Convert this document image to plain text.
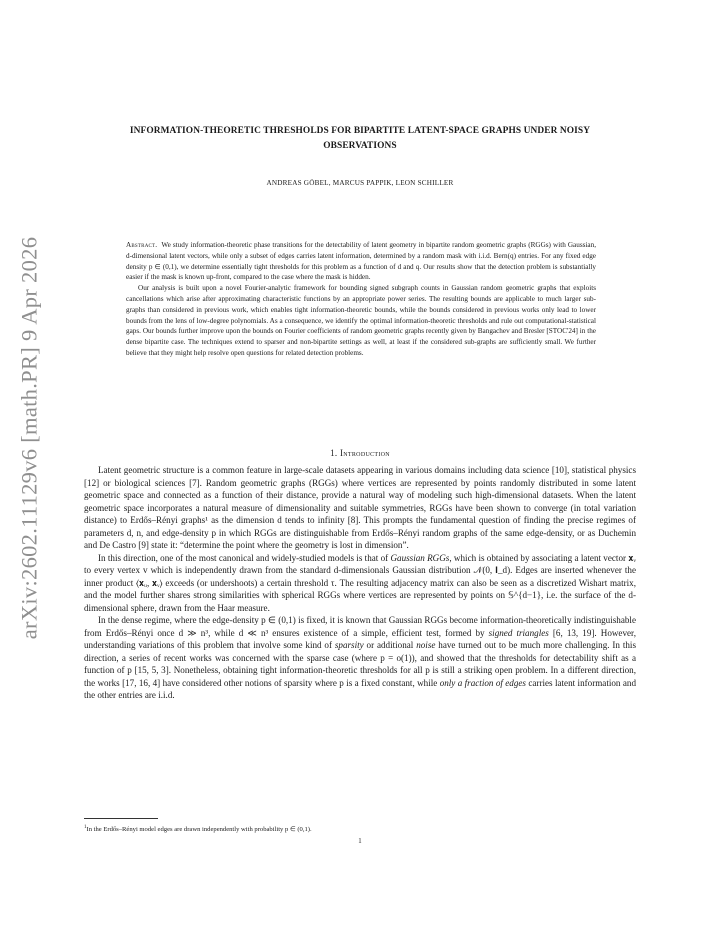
arXiv:2602.11129v6 [math.PR] 9 Apr 2026
INFORMATION-THEORETIC THRESHOLDS FOR BIPARTITE LATENT-SPACE GRAPHS UNDER NOISY
OBSERVATIONS
ANDREAS GÖBEL, MARCUS PAPPIK, LEON SCHILLER

Abstract. We study information-theoretic phase transitions for the detectability of latent geometry in bipartite random geometric graphs (RGGs) with Gaussian, d-dimensional latent vectors, while only a subset of edges carries latent information, determined by a random mask with i.i.d. Bern(q) entries. For any fixed edge density p ∈ (0,1), we determine essentially tight thresholds for this problem as a function of d and q. Our results show that the detection problem is substantially easier if the mask is known up-front, compared to the case where the mask is hidden.

Our analysis is built upon a novel Fourier-analytic framework for bounding signed subgraph counts in Gaussian random geometric graphs that exploits cancellations which arise after approximating characteristic functions by an appropriate power series. The resulting bounds are applicable to much larger sub-graphs than considered in previous work, which enables tight information-theoretic bounds, while the bounds considered in previous works only lead to lower bounds from the lens of low-degree polynomials. As a consequence, we identify the optimal information-theoretic thresholds and rule out computational-statistical gaps. Our bounds further improve upon the bounds on Fourier coefficients of random geometric graphs recently given by Bangachev and Bresler [STOC'24] in the dense bipartite case. The techniques extend to sparser and non-bipartite settings as well, at least if the considered sub-graphs are sufficiently small. We further believe that they might help resolve open questions for related detection problems.

1. Introduction

Latent geometric structure is a common feature in large-scale datasets appearing in various domains including data science [10], statistical physics [12] or biological sciences [7]. Random geometric graphs (RGGs) where vertices are represented by points randomly distributed in some latent geometric space and connected as a function of their distance, provide a natural way of modeling such high-dimensional datasets. When the latent geometric space incorporates a natural measure of dimensionality and suitable symmetries, RGGs have been shown to converge (in total variation distance) to Erdős–Rényi graphs¹ as the dimension d tends to infinity [8]. This prompts the fundamental question of finding the precise regimes of parameters d, n, and edge-density p in which RGGs are distinguishable from Erdős–Rényi random graphs of the same edge-density, or as Duchemin and De Castro [9] state it: “determine the point where the geometry is lost in dimension”.

In this direction, one of the most canonical and widely-studied models is that of Gaussian RGGs, which is obtained by associating a latent vector 𝐱ᵥ to every vertex v which is independently drawn from the standard d-dimensionals Gaussian distribution 𝒩(0, 𝐈_d). Edges are inserted whenever the inner product ⟨𝐱ᵤ, 𝐱ᵥ⟩ exceeds (or undershoots) a certain threshold τ. The resulting adjacency matrix can also be seen as a discretized Wishart matrix, and the model further shares strong similarities with spherical RGGs where vertices are represented by points on 𝕊^{d−1}, i.e. the surface of the d-dimensional sphere, drawn from the Haar measure.

In the dense regime, where the edge-density p ∈ (0,1) is fixed, it is known that Gaussian RGGs become information-theoretically indistinguishable from Erdős–Rényi once d ≫ n³, while d ≪ n³ ensures existence of a simple, efficient test, formed by signed triangles [6, 13, 19]. However, understanding variations of this problem that involve some kind of sparsity or additional noise have turned out to be much more challenging. In this direction, a series of recent works was concerned with the sparse case (where p = o(1)), and showed that the thresholds for detectability shift as a function of p [15, 5, 3]. Nonetheless, obtaining tight information-theoretic thresholds for all p is still a striking open problem. In a different direction, the works [17, 16, 4] have considered other notions of sparsity where p is a fixed constant, while only a fraction of edges carries latent information and the other entries are i.i.d.

$^1$In the Erdős–Rényi model edges are drawn independently with probability p ∈ (0,1).
1
